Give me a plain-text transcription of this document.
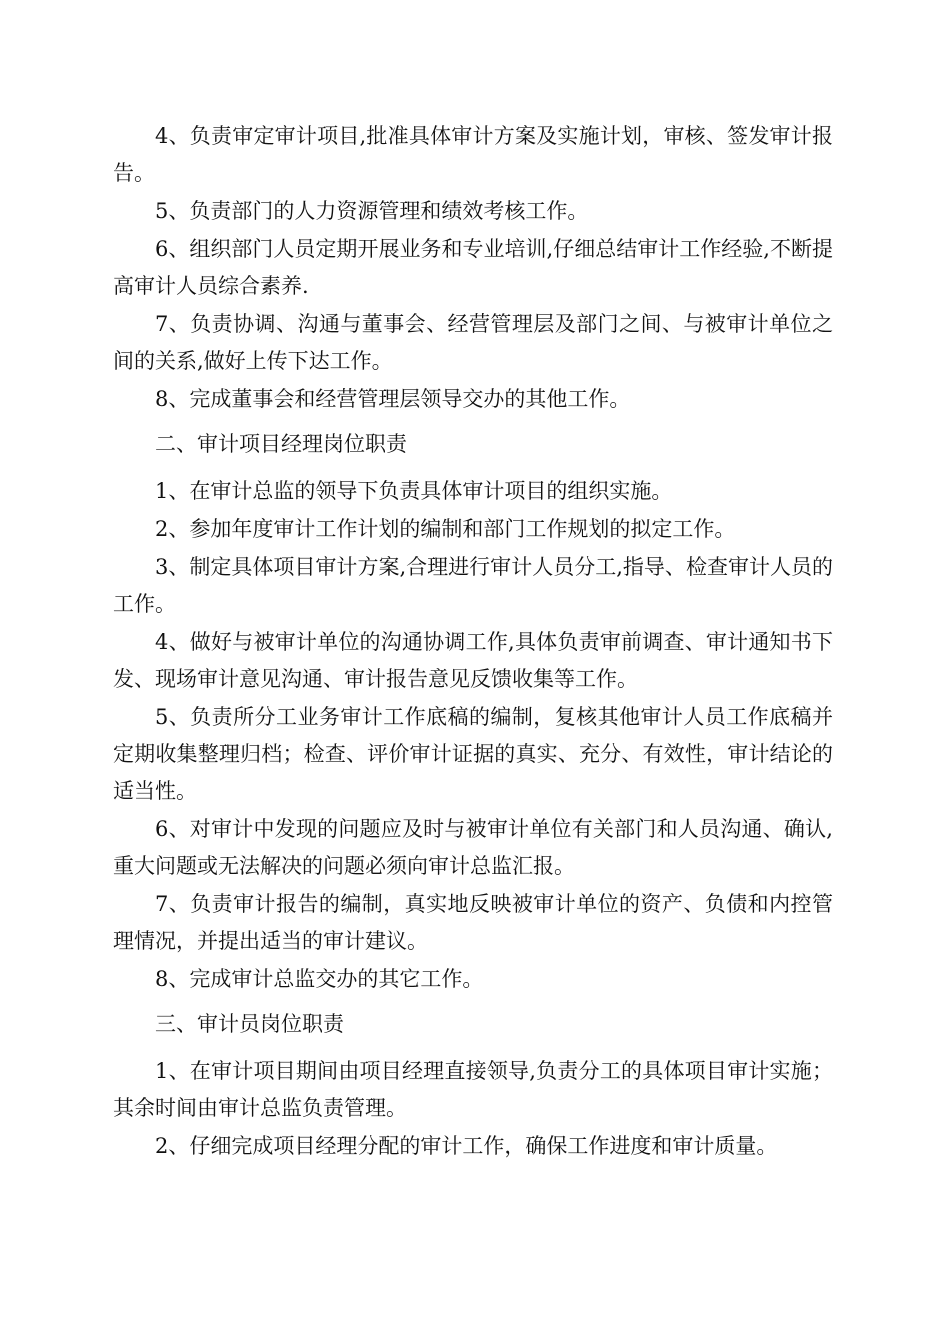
4、负责审定审计项目,批准具体审计方案及实施计划，审核、签发审计报告。

5、负责部门的人力资源管理和绩效考核工作。

6、组织部门人员定期开展业务和专业培训,仔细总结审计工作经验,不断提高审计人员综合素养.

7、负责协调、沟通与董事会、经营管理层及部门之间、与被审计单位之间的关系,做好上传下达工作。

8、完成董事会和经营管理层领导交办的其他工作。

二、审计项目经理岗位职责

1、在审计总监的领导下负责具体审计项目的组织实施。

2、参加年度审计工作计划的编制和部门工作规划的拟定工作。

3、制定具体项目审计方案,合理进行审计人员分工,指导、检查审计人员的工作。

4、做好与被审计单位的沟通协调工作,具体负责审前调查、审计通知书下发、现场审计意见沟通、审计报告意见反馈收集等工作。

5、负责所分工业务审计工作底稿的编制，复核其他审计人员工作底稿并定期收集整理归档；检查、评价审计证据的真实、充分、有效性，审计结论的适当性。

6、对审计中发现的问题应及时与被审计单位有关部门和人员沟通、确认,重大问题或无法解决的问题必须向审计总监汇报。

7、负责审计报告的编制，真实地反映被审计单位的资产、负债和内控管理情况，并提出适当的审计建议。

8、完成审计总监交办的其它工作。

三、审计员岗位职责

1、在审计项目期间由项目经理直接领导,负责分工的具体项目审计实施；其余时间由审计总监负责管理。

2、仔细完成项目经理分配的审计工作，确保工作进度和审计质量。
